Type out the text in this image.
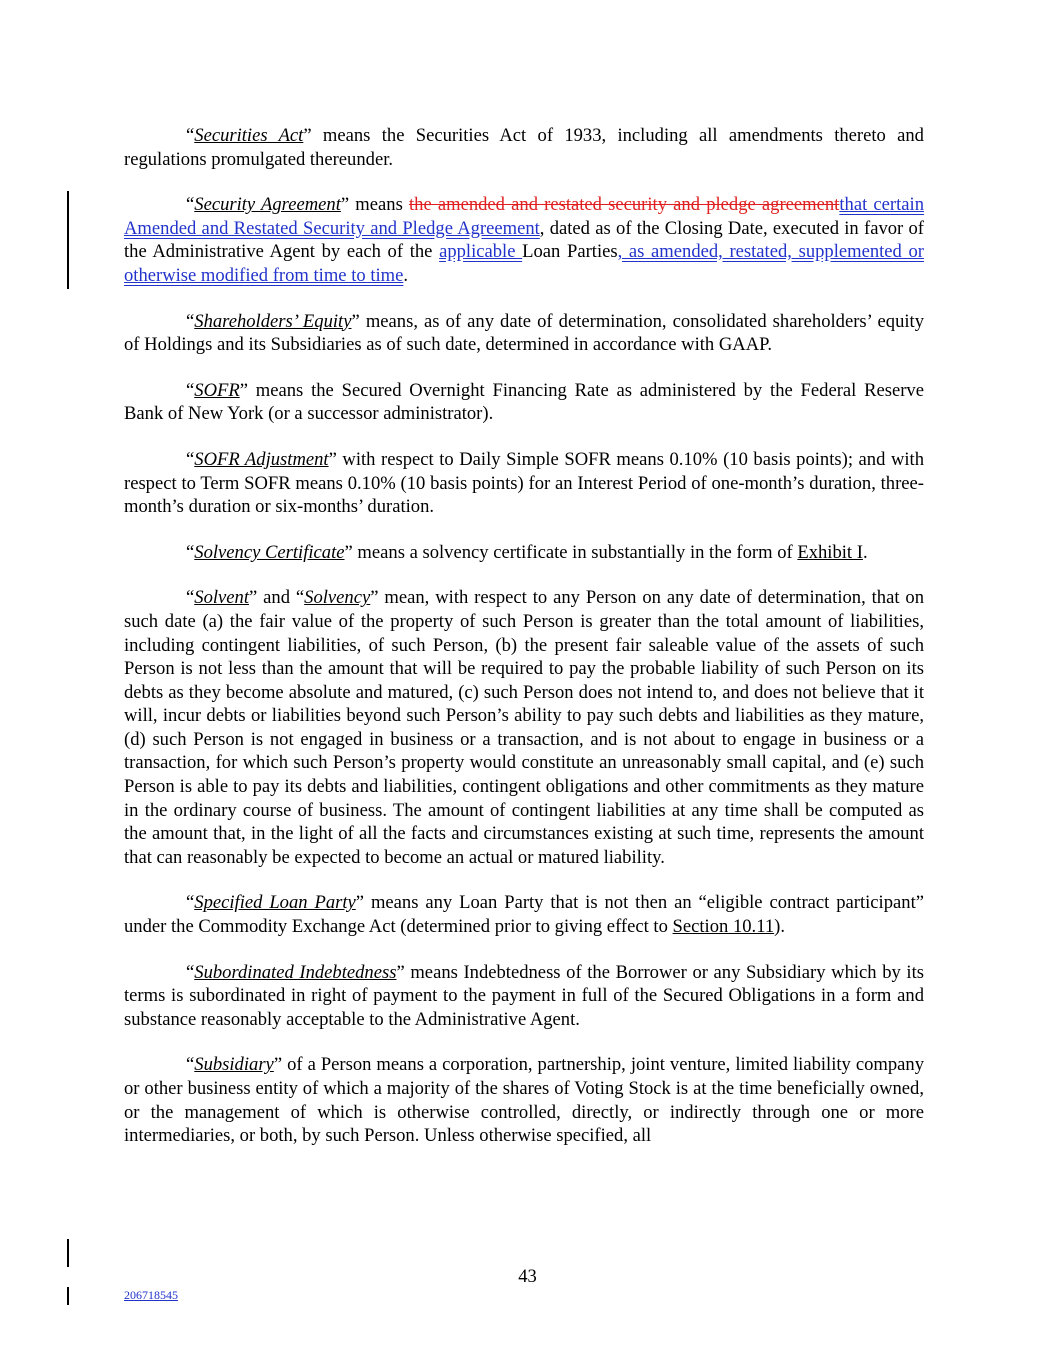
“Securities Act” means the Securities Act of 1933, including all amendments thereto and regulations promulgated thereunder.

“Security Agreement” means the amended and restated security and pledge agreementthat certain Amended and Restated Security and Pledge Agreement, dated as of the Closing Date, executed in favor of the Administrative Agent by each of the applicable Loan Parties, as amended, restated, supplemented or otherwise modified from time to time.

“Shareholders’ Equity” means, as of any date of determination, consolidated shareholders’ equity of Holdings and its Subsidiaries as of such date, determined in accordance with GAAP.

“SOFR” means the Secured Overnight Financing Rate as administered by the Federal Reserve Bank of New York (or a successor administrator).

“SOFR Adjustment” with respect to Daily Simple SOFR means 0.10% (10 basis points); and with respect to Term SOFR means 0.10% (10 basis points) for an Interest Period of one-month’s duration, three-month’s duration or six-months’ duration.

“Solvency Certificate” means a solvency certificate in substantially in the form of Exhibit I.

“Solvent” and “Solvency” mean, with respect to any Person on any date of determination, that on such date (a) the fair value of the property of such Person is greater than the total amount of liabilities, including contingent liabilities, of such Person, (b) the present fair saleable value of the assets of such Person is not less than the amount that will be required to pay the probable liability of such Person on its debts as they become absolute and matured, (c) such Person does not intend to, and does not believe that it will, incur debts or liabilities beyond such Person’s ability to pay such debts and liabilities as they mature, (d) such Person is not engaged in business or a transaction, and is not about to engage in business or a transaction, for which such Person’s property would constitute an unreasonably small capital, and (e) such Person is able to pay its debts and liabilities, contingent obligations and other commitments as they mature in the ordinary course of business. The amount of contingent liabilities at any time shall be computed as the amount that, in the light of all the facts and circumstances existing at such time, represents the amount that can reasonably be expected to become an actual or matured liability.

“Specified Loan Party” means any Loan Party that is not then an “eligible contract participant” under the Commodity Exchange Act (determined prior to giving effect to Section 10.11).

“Subordinated Indebtedness” means Indebtedness of the Borrower or any Subsidiary which by its terms is subordinated in right of payment to the payment in full of the Secured Obligations in a form and substance reasonably acceptable to the Administrative Agent.

“Subsidiary” of a Person means a corporation, partnership, joint venture, limited liability company or other business entity of which a majority of the shares of Voting Stock is at the time beneficially owned, or the management of which is otherwise controlled, directly, or indirectly through one or more intermediaries, or both, by such Person. Unless otherwise specified, all

43
206718545
